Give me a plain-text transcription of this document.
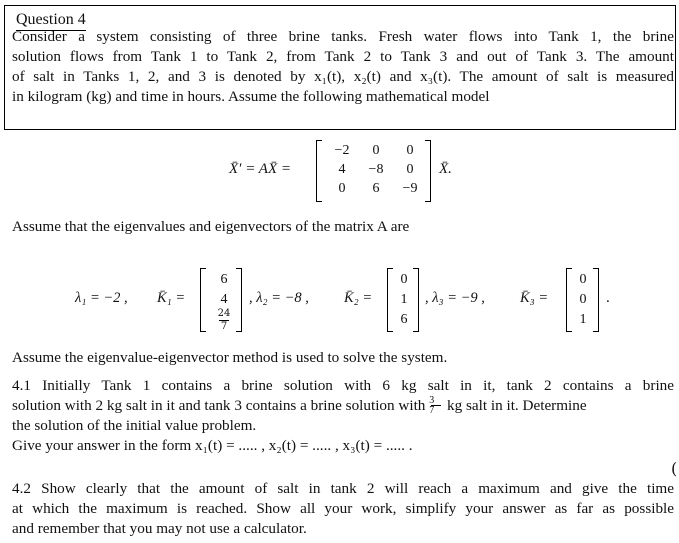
Question 4
Consider a system consisting of three brine tanks. Fresh water flows into Tank 1, the brine
solution flows from Tank 1 to Tank 2, from Tank 2 to Tank 3 and out of Tank 3. The amount
of salt in Tanks 1, 2, and 3 is denoted by x₁(t), x₂(t) and x₃(t). The amount of salt is measured
in kilogram (kg) and time in hours. Assume the following mathematical model
X̄′ = AX̄ =
−2	0	0
4	−8	0
0	6	−9
X̄.
Assume that the eigenvalues and eigenvectors of the matrix A are
λ₁ = −2 , K̄₁ =
6
4
24
7
, λ₂ = −8 , K̄₂ =
0
1
6
, λ₃ = −9 , K̄₃ =
0
0
1
.
Assume the eigenvalue-eigenvector method is used to solve the system.
4.1 Initially Tank 1 contains a brine solution with 6 kg salt in it, tank 2 contains a brine
solution with 2 kg salt in it and tank 3 contains a brine solution with $\frac{3}{7}$ kg salt in it. Determine
the solution of the initial value problem.
Give your answer in the form x₁(t) = ..... , x₂(t) = ..... , x₃(t) = ..... .
(
4.2 Show clearly that the amount of salt in tank 2 will reach a maximum and give the time
at which the maximum is reached. Show all your work, simplify your answer as far as possible
and remember that you may not use a calculator.
